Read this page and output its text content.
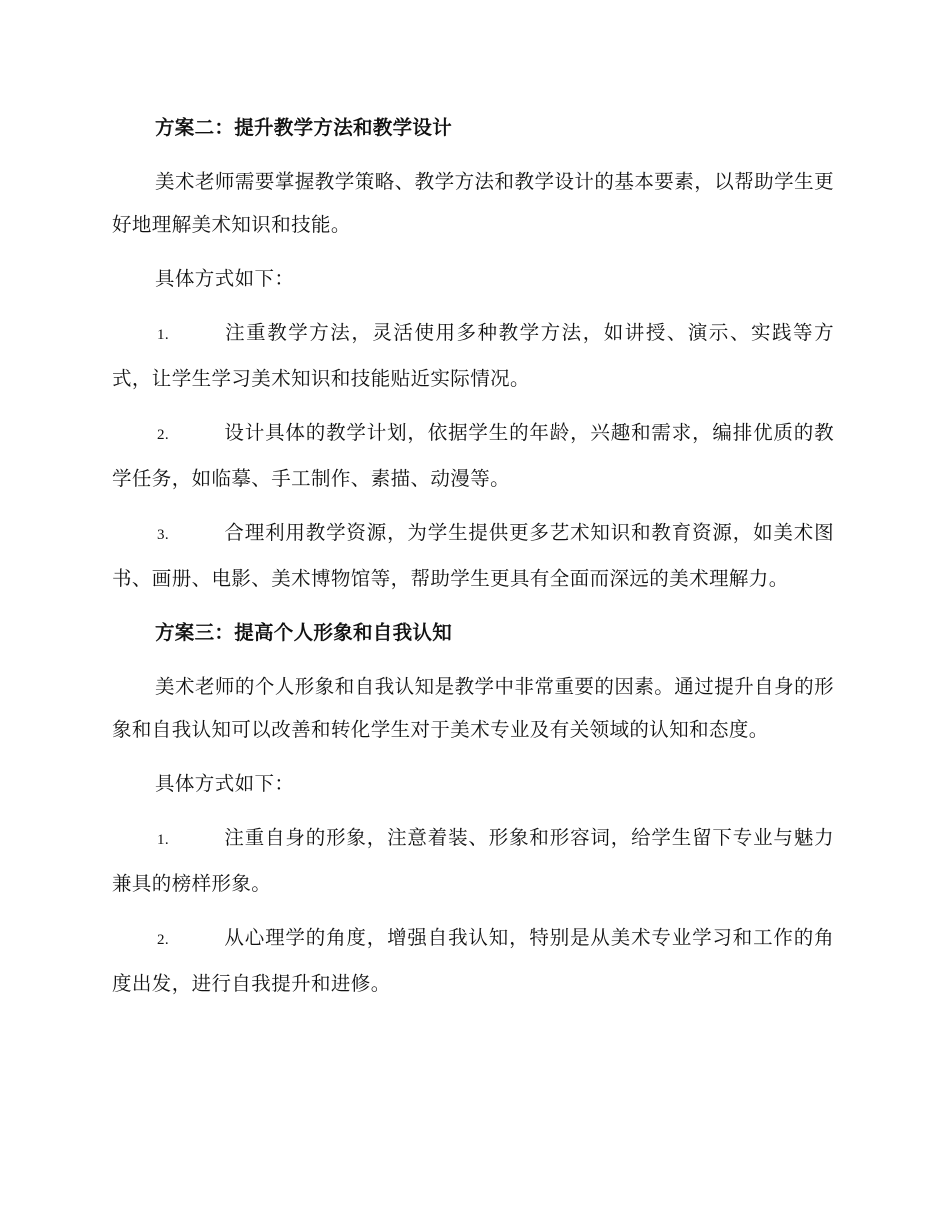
方案二：提升教学方法和教学设计

美术老师需要掌握教学策略、教学方法和教学设计的基本要素，以帮助学生更好地理解美术知识和技能。

具体方式如下：

1.	注重教学方法，灵活使用多种教学方法，如讲授、演示、实践等方式，让学生学习美术知识和技能贴近实际情况。

2.	设计具体的教学计划，依据学生的年龄，兴趣和需求，编排优质的教学任务，如临摹、手工制作、素描、动漫等。

3.	合理利用教学资源，为学生提供更多艺术知识和教育资源，如美术图书、画册、电影、美术博物馆等，帮助学生更具有全面而深远的美术理解力。

方案三：提高个人形象和自我认知

美术老师的个人形象和自我认知是教学中非常重要的因素。通过提升自身的形象和自我认知可以改善和转化学生对于美术专业及有关领域的认知和态度。

具体方式如下：

1.	注重自身的形象，注意着装、形象和形容词，给学生留下专业与魅力兼具的榜样形象。

2.	从心理学的角度，增强自我认知，特别是从美术专业学习和工作的角度出发，进行自我提升和进修。
